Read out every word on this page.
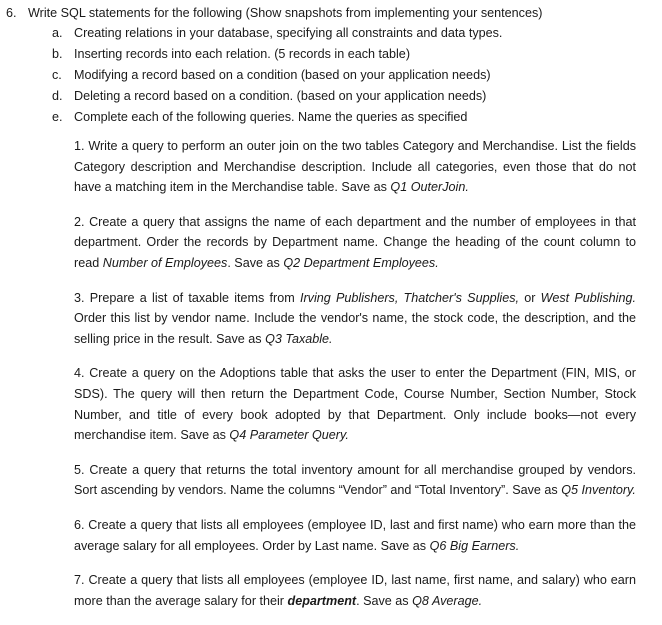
6. Write SQL statements for the following (Show snapshots from implementing your sentences)
a. Creating relations in your database, specifying all constraints and data types.
b. Inserting records into each relation. (5 records in each table)
c. Modifying a record based on a condition (based on your application needs)
d. Deleting a record based on a condition. (based on your application needs)
e. Complete each of the following queries. Name the queries as specified

1. Write a query to perform an outer join on the two tables Category and Merchandise. List the fields Category description and Merchandise description. Include all categories, even those that do not have a matching item in the Merchandise table. Save as Q1 OuterJoin.

2. Create a query that assigns the name of each department and the number of employees in that department. Order the records by Department name. Change the heading of the count column to read Number of Employees. Save as Q2 Department Employees.

3. Prepare a list of taxable items from Irving Publishers, Thatcher's Supplies, or West Publishing. Order this list by vendor name. Include the vendor's name, the stock code, the description, and the selling price in the result. Save as Q3 Taxable.

4. Create a query on the Adoptions table that asks the user to enter the Department (FIN, MIS, or SDS). The query will then return the Department Code, Course Number, Section Number, Stock Number, and title of every book adopted by that Department. Only include books—not every merchandise item. Save as Q4 Parameter Query.

5. Create a query that returns the total inventory amount for all merchandise grouped by vendors. Sort ascending by vendors. Name the columns “Vendor” and “Total Inventory”. Save as Q5 Inventory.

6. Create a query that lists all employees (employee ID, last and first name) who earn more than the average salary for all employees. Order by Last name. Save as Q6 Big Earners.

7. Create a query that lists all employees (employee ID, last name, first name, and salary) who earn more than the average salary for their department. Save as Q8 Average.
